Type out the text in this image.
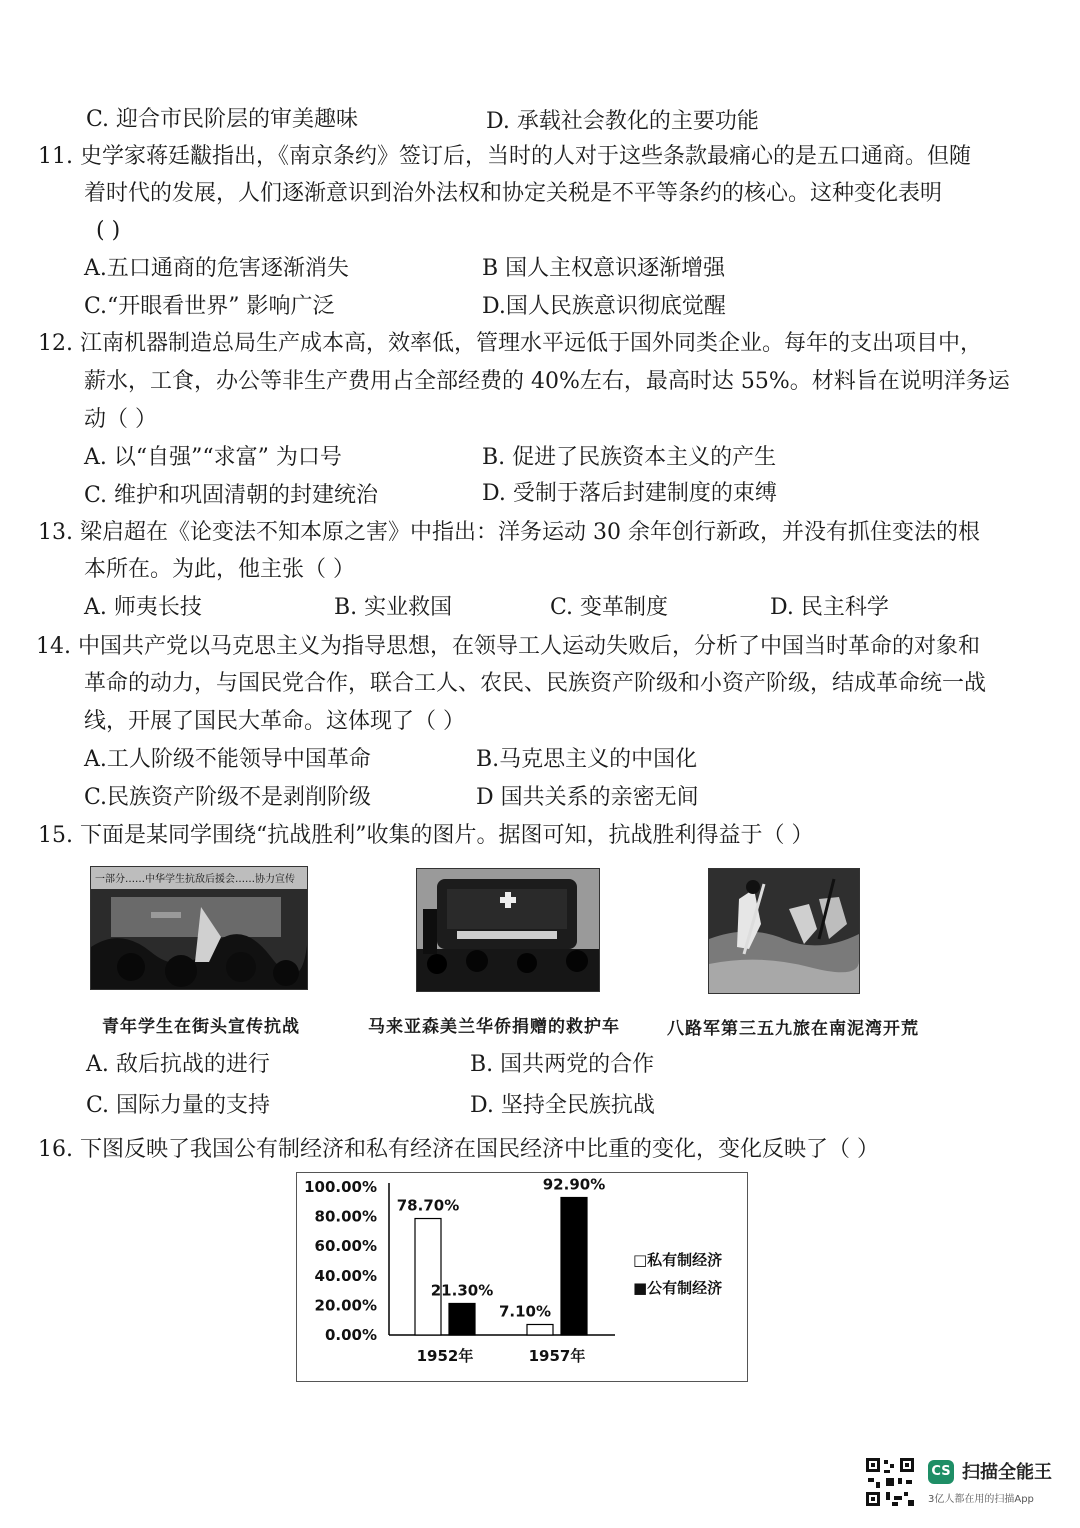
C. 迎合市民阶层的审美趣味	D. 承载社会教化的主要功能
11. 史学家蒋廷黻指出，《南京条约》签订后，当时的人对于这些条款最痛心的是五口通商。但随
着时代的发展，人们逐渐意识到治外法权和协定关税是不平等条约的核心。这种变化表明
( )
A.五口通商的危害逐渐消失	B 国人主权意识逐渐增强
C.“开眼看世界” 影响广泛	D.国人民族意识彻底觉醒
12. 江南机器制造总局生产成本高，效率低，管理水平远低于国外同类企业。每年的支出项目中，
薪水，工食，办公等非生产费用占全部经费的 40%左右，最高时达 55%。材料旨在说明洋务运
动（ ）
A. 以“自强”“求富” 为口号	B. 促进了民族资本主义的产生
C. 维护和巩固清朝的封建统治	D. 受制于落后封建制度的束缚
13. 梁启超在《论变法不知本原之害》中指出：洋务运动 30 余年创行新政，并没有抓住变法的根
本所在。为此，他主张（ ）
A. 师夷长技	B. 实业救国	C. 变革制度	D. 民主科学
14. 中国共产党以马克思主义为指导思想，在领导工人运动失败后，分析了中国当时革命的对象和
革命的动力，与国民党合作，联合工人、农民、民族资产阶级和小资产阶级，结成革命统一战
线，开展了国民大革命。这体现了（ ）
A.工人阶级不能领导中国革命	B.马克思主义的中国化
C.民族资产阶级不是剥削阶级	D 国共关系的亲密无间
15. 下面是某同学围绕“抗战胜利”收集的图片。据图可知，抗战胜利得益于（ ）
一部分……中华学生抗敌后援会……协力宣传
青年学生在街头宣传抗战	马来亚森美兰华侨捐赠的救护车	八路军第三五九旅在南泥湾开荒
A. 敌后抗战的进行	B. 国共两党的合作
C. 国际力量的支持	D. 坚持全民族抗战
16. 下图反映了我国公有制经济和私有经济在国民经济中比重的变化，变化反映了（ ）
100.00%
80.00%
60.00%
40.00%
20.00%
0.00%
78.70%
21.30%
1952年
7.10%
92.90%
1957年
□私有制经济
■公有制经济
CS 扫描全能王
3亿人都在用的扫描App
